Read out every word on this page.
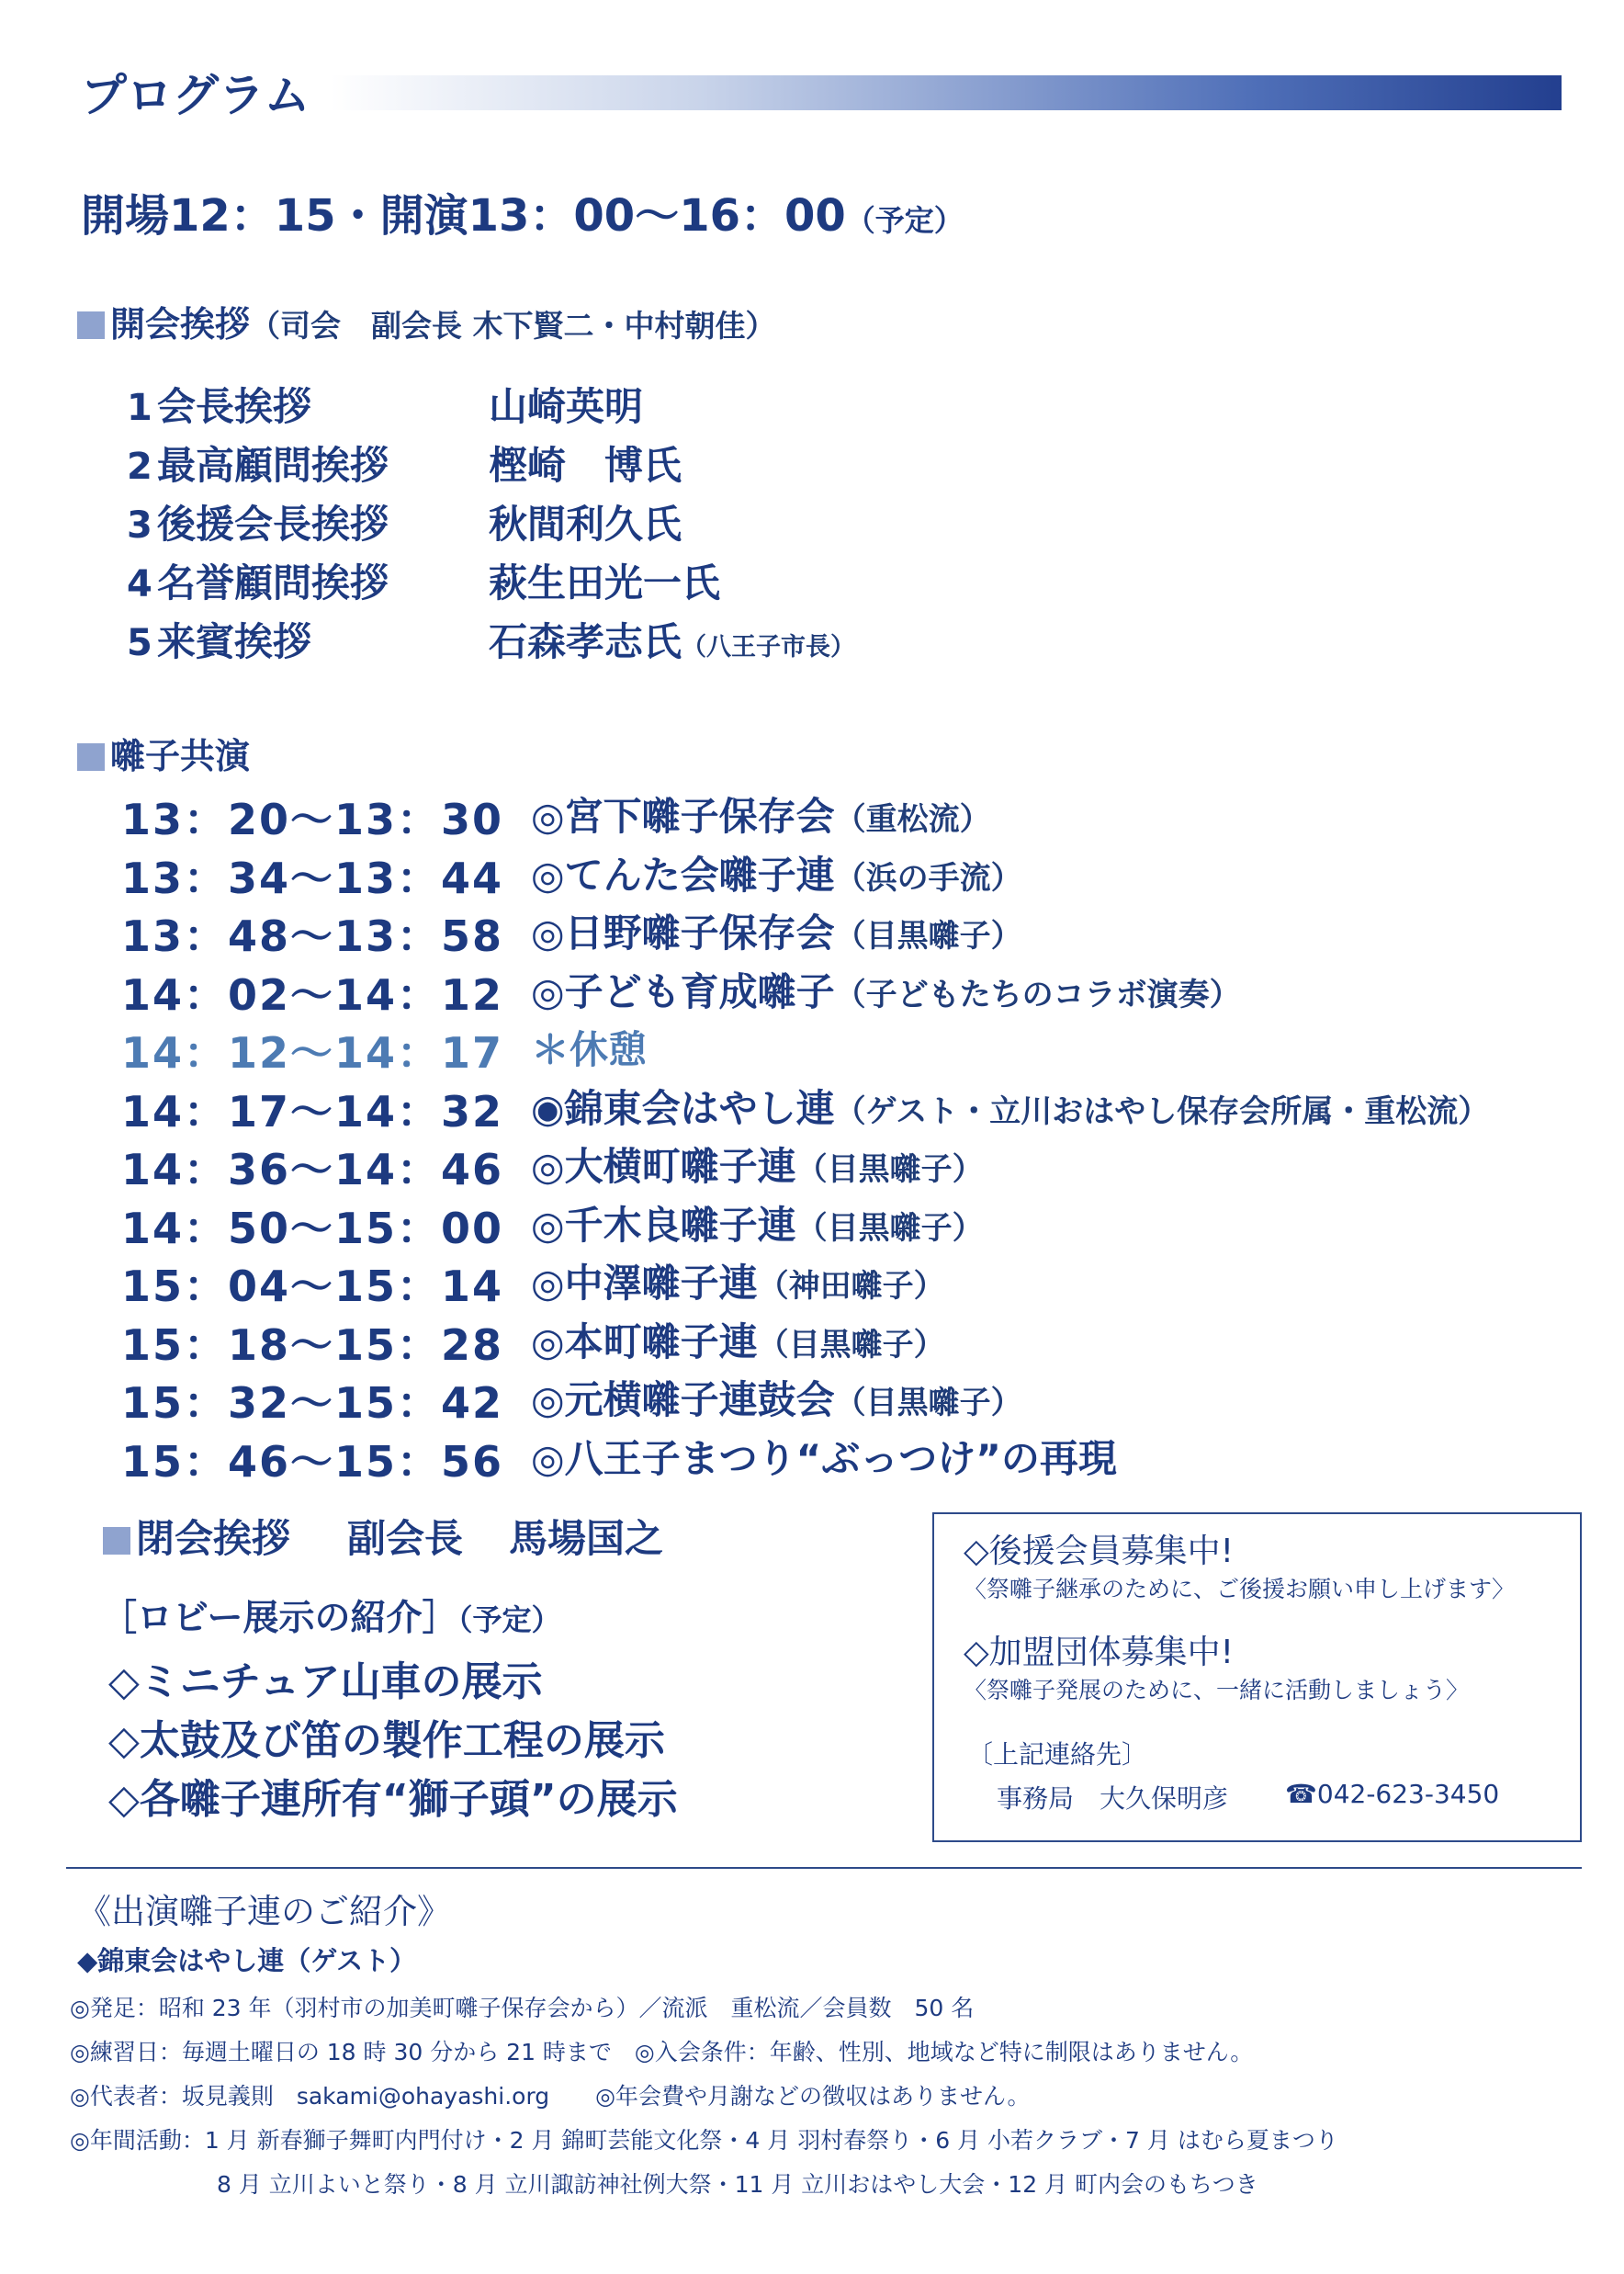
プログラム
開場12：15・開演13：00〜16：00（予定）
開会挨拶（司会　副会長 木下賢二・中村朝佳）
1 会長挨拶	山崎英明
2 最高顧問挨拶	樫崎　博氏
3 後援会長挨拶	秋間利久氏
4 名誉顧問挨拶	萩生田光一氏
5 来賓挨拶	石森孝志氏（八王子市長）
囃子共演
13：20〜13：30 ◎宮下囃子保存会（重松流）
13：34〜13：44 ◎てんた会囃子連（浜の手流）
13：48〜13：58 ◎日野囃子保存会（目黒囃子）
14：02〜14：12 ◎子ども育成囃子（子どもたちのコラボ演奏）
14：12〜14：17 ＊休憩
14：17〜14：32 ◉錦東会はやし連（ゲスト・立川おはやし保存会所属・重松流）
14：36〜14：46 ◎大横町囃子連（目黒囃子）
14：50〜15：00 ◎千木良囃子連（目黒囃子）
15：04〜15：14 ◎中澤囃子連（神田囃子）
15：18〜15：28 ◎本町囃子連（目黒囃子）
15：32〜15：42 ◎元横囃子連鼓会（目黒囃子）
15：46〜15：56 ◎八王子まつり“ぶっつけ”の再現
閉会挨拶 副会長 馬場国之
［ロビー展示の紹介］（予定）
◇ミニチュア山車の展示
◇太鼓及び笛の製作工程の展示
◇各囃子連所有“獅子頭”の展示
◇後援会員募集中!
〈祭囃子継承のために、ご後援お願い申し上げます〉
◇加盟団体募集中!
〈祭囃子発展のために、一緒に活動しましょう〉
〔上記連絡先〕
事務局　大久保明彦 ☎042-623-3450
《出演囃子連のご紹介》
◆錦東会はやし連（ゲスト）
◎発足：昭和 23 年（羽村市の加美町囃子保存会から）／流派　重松流／会員数　50 名
◎練習日：毎週土曜日の 18 時 30 分から 21 時まで　◎入会条件：年齢、性別、地域など特に制限はありません。
◎代表者：坂見義則　sakami@ohayashi.org　　◎年会費や月謝などの徴収はありません。
◎年間活動：1 月 新春獅子舞町内門付け・2 月 錦町芸能文化祭・4 月 羽村春祭り・6 月 小若クラブ・7 月 はむら夏まつり
8 月 立川よいと祭り・8 月 立川諏訪神社例大祭・11 月 立川おはやし大会・12 月 町内会のもちつき
